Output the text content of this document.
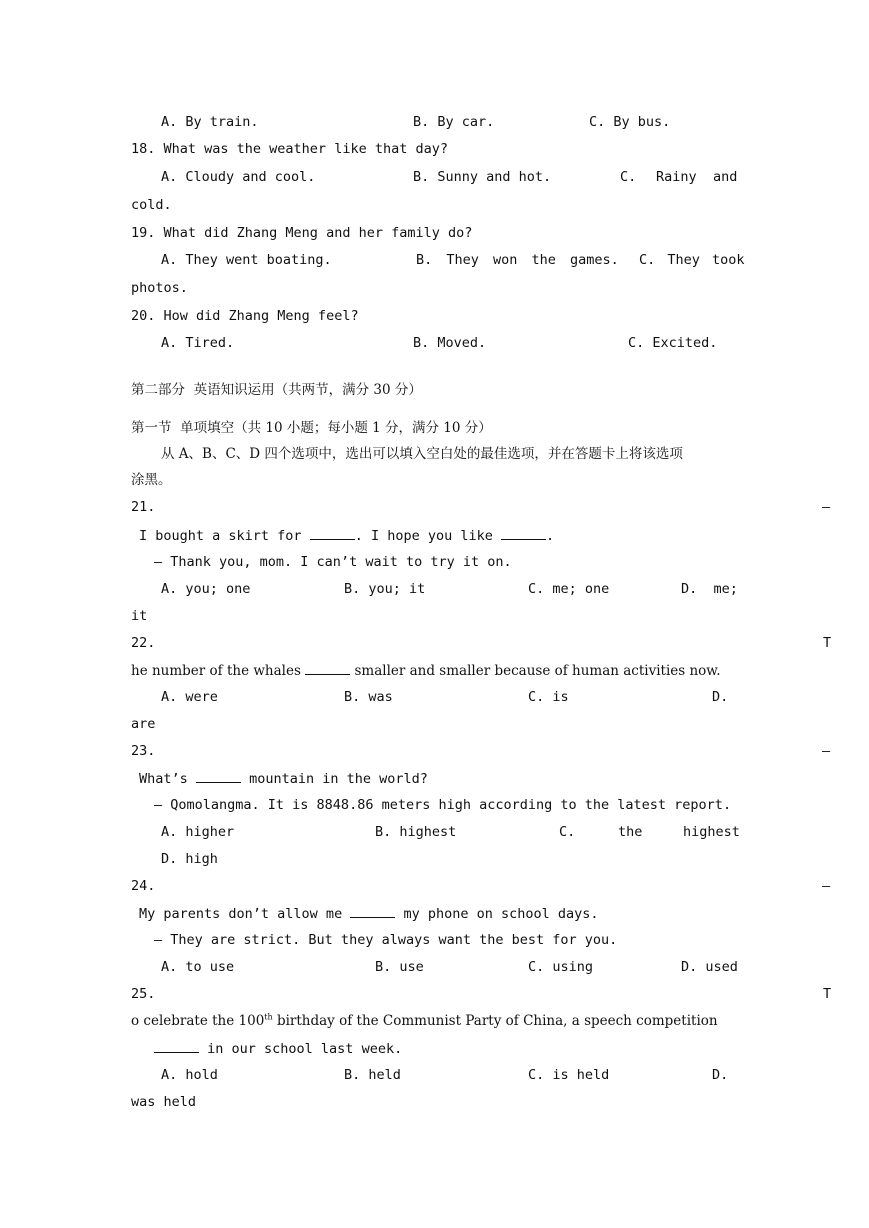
A. By train.	B. By car.	C. By bus.
18. What was the weather like that day?
A. Cloudy and cool.	B. Sunny and hot.	C. Rainy and
cold.
19. What did Zhang Meng and her family do?
A. They went boating.	B. They won the games. C. They took
photos.
20. How did Zhang Meng feel?
A. Tired.	B. Moved.	C. Excited.
第二部分  英语知识运用（共两节，满分 30 分）
第一节  单项填空（共 10 小题；每小题 1 分，满分 10 分）
从 A、B、C、D 四个选项中，选出可以填入空白处的最佳选项，并在答题卡上将该选项
涂黑。
21.	—
I bought a skirt for	. I hope you like	.
— Thank you, mom. I can’t wait to try it on.
A. you; one	B. you; it	C. me; one	D.  me;
it
22.	T
he number of the whales	smaller and smaller because of human activities now.
A. were	B. was	C. is	D.
are
23.	—
What’s	mountain in the world?
— Qomolangma. It is 8848.86 meters high according to the latest report.
A. higher	B. highest	C.	the	highest
D. high
24.	—
My parents don’t allow me	my phone on school days.
— They are strict. But they always want the best for you.
A. to use	B. use	C. using	D. used
25.	T
o celebrate the 100th birthday of the Communist Party of China, a speech competition
in our school last week.
A. hold	B. held	C. is held	D.
was held
